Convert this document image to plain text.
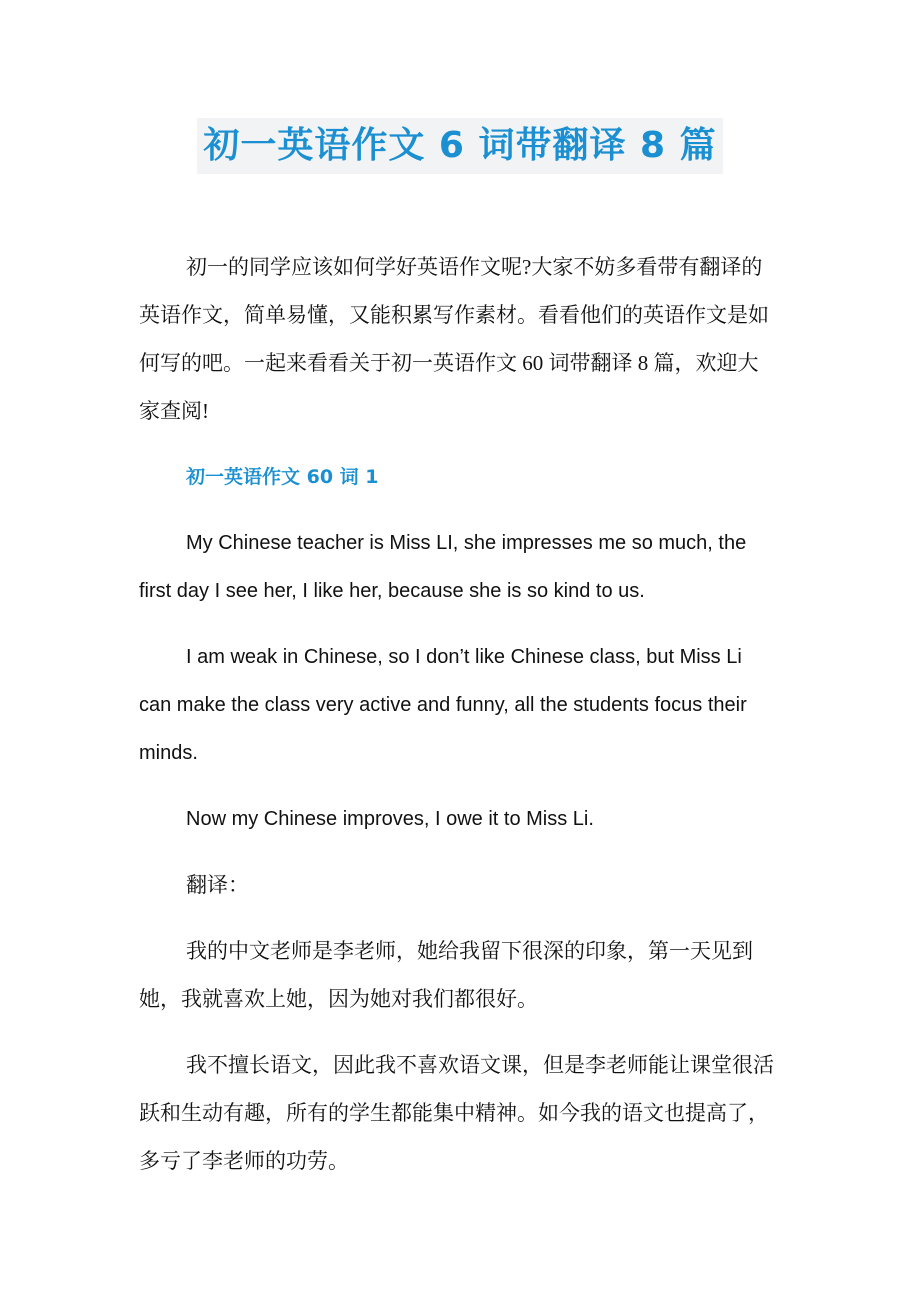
初一英语作文 6 词带翻译 8 篇

初一的同学应该如何学好英语作文呢?大家不妨多看带有翻译的英语作文，简单易懂，又能积累写作素材。看看他们的英语作文是如何写的吧。一起来看看关于初一英语作文 60 词带翻译 8 篇，欢迎大家查阅!

初一英语作文 60 词 1

My Chinese teacher is Miss LI, she impresses me so much, the first day I see her, I like her, because she is so kind to us.

I am weak in Chinese, so I don’t like Chinese class, but Miss Li can make the class very active and funny, all the students focus their minds.

Now my Chinese improves, I owe it to Miss Li.

翻译：

我的中文老师是李老师，她给我留下很深的印象，第一天见到她，我就喜欢上她，因为她对我们都很好。

我不擅长语文，因此我不喜欢语文课，但是李老师能让课堂很活跃和生动有趣，所有的学生都能集中精神。如今我的语文也提高了，多亏了李老师的功劳。
